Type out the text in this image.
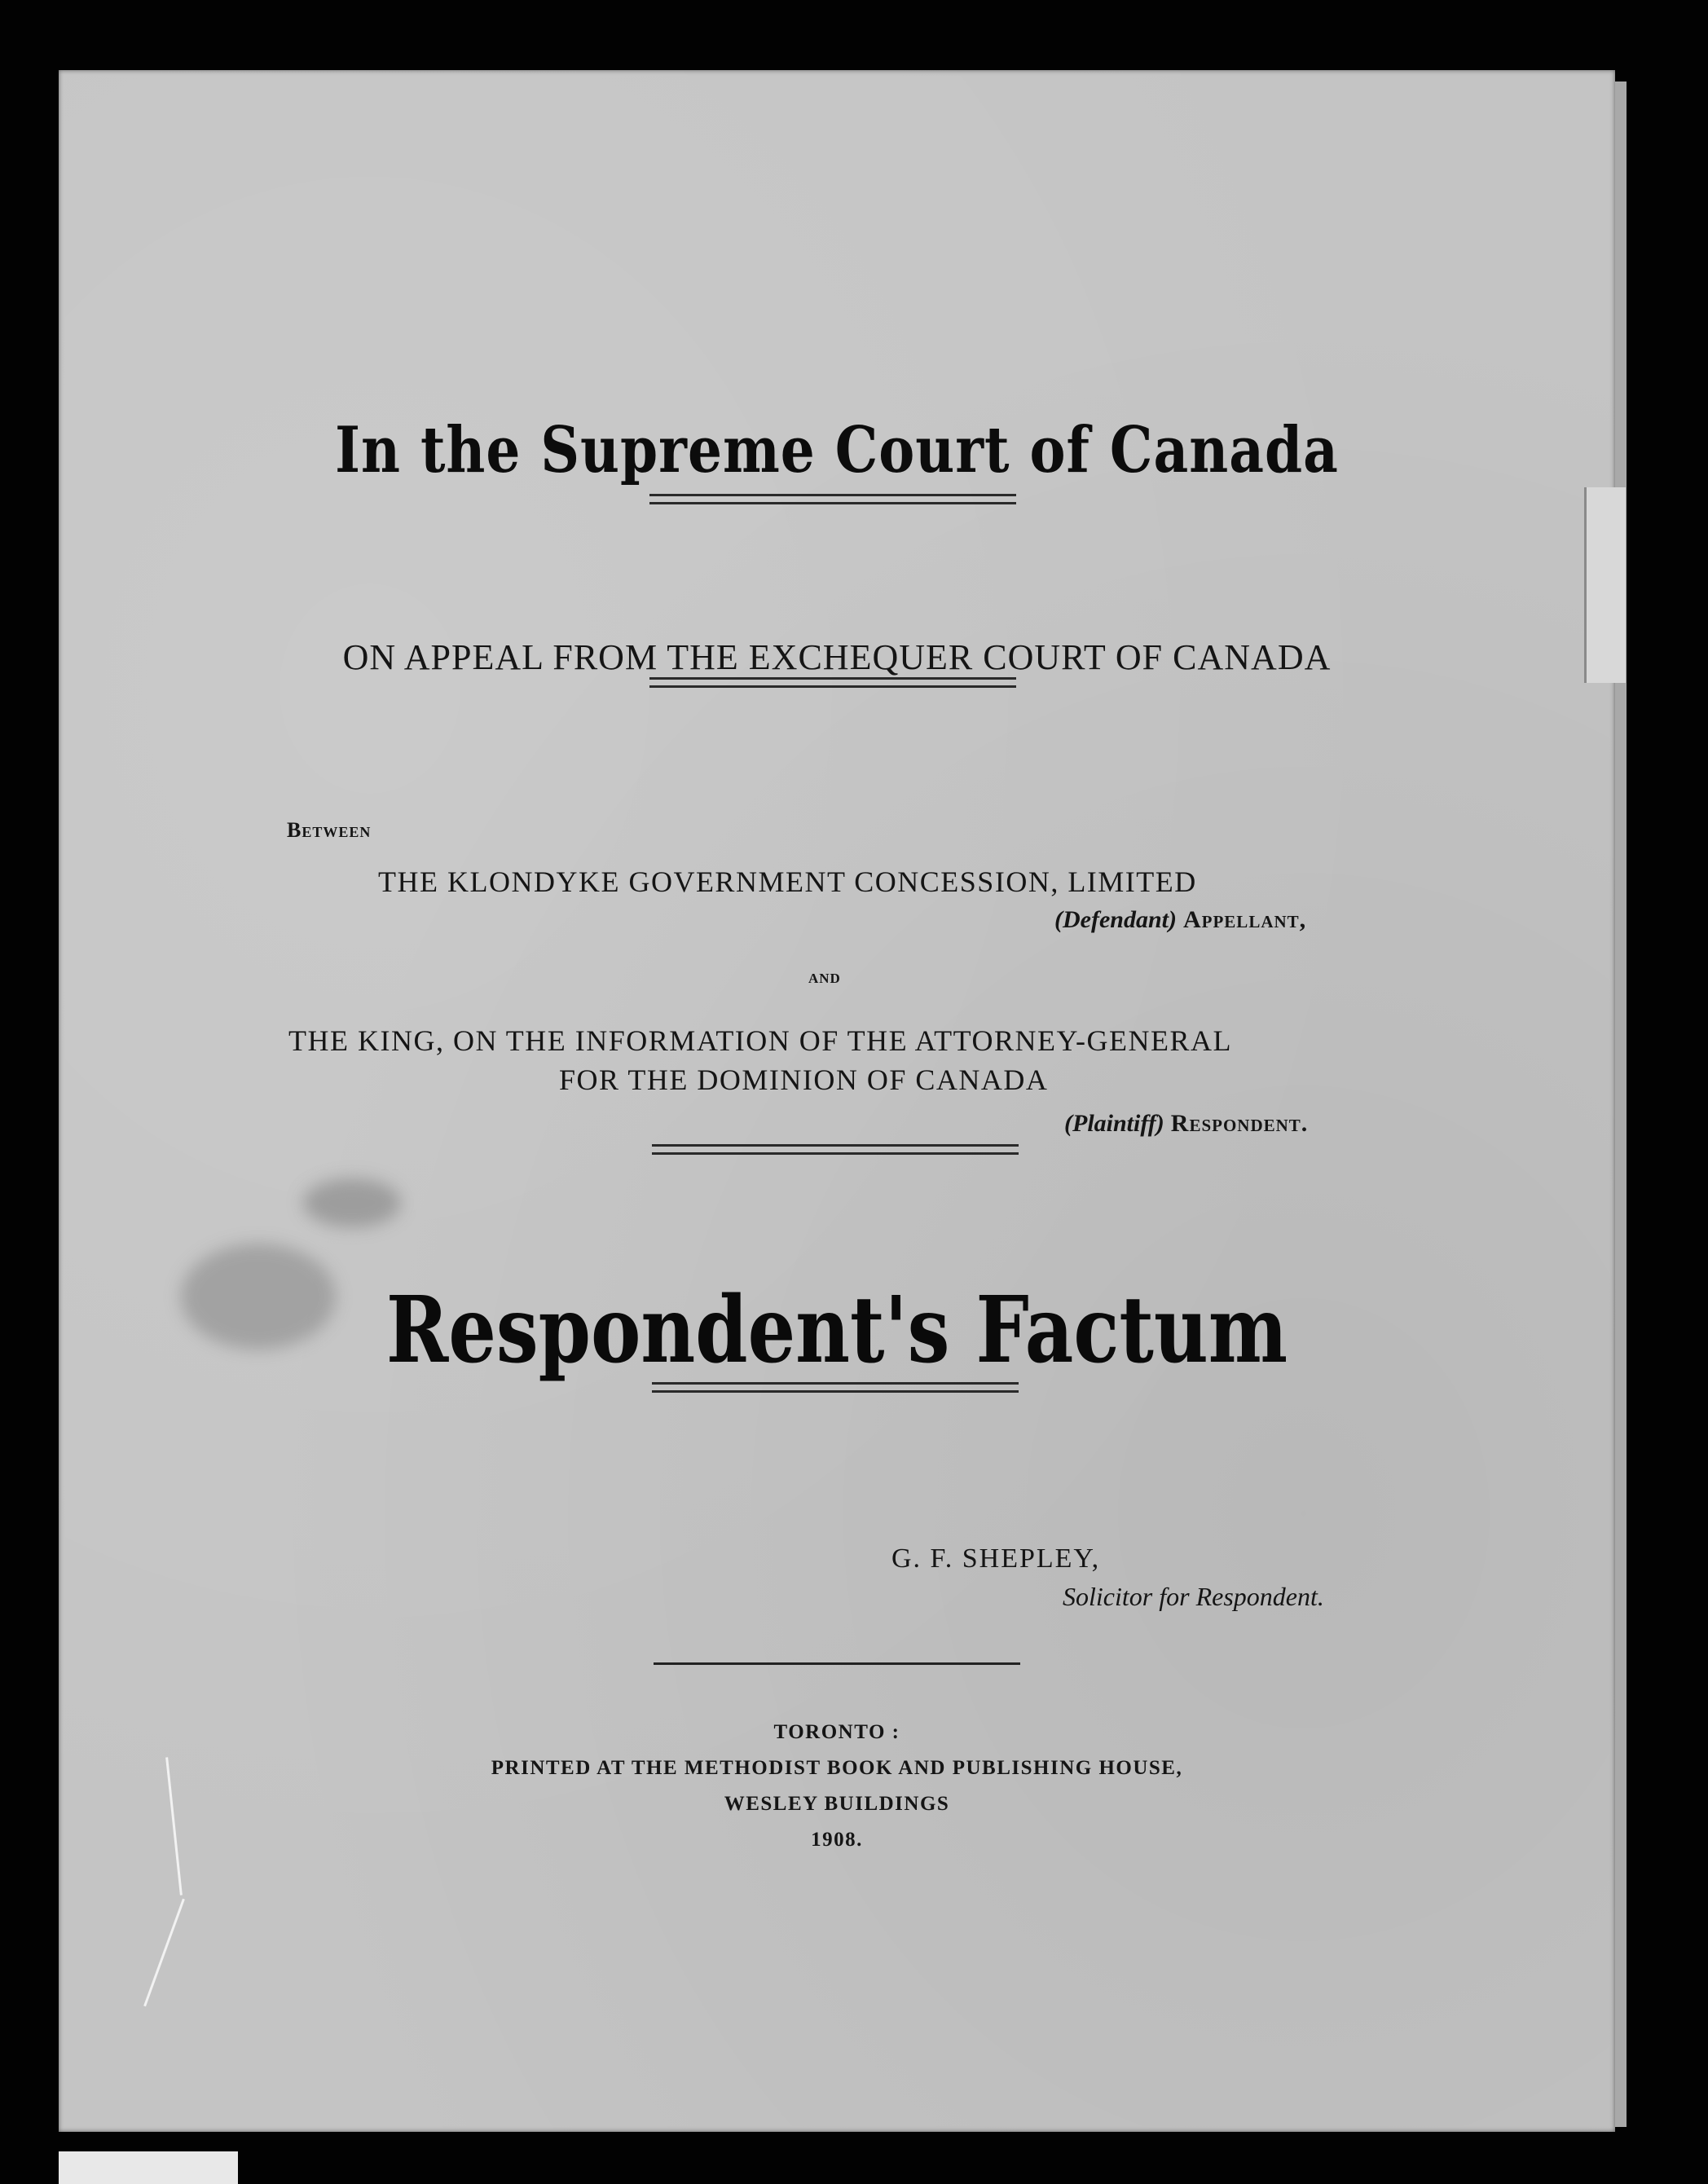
In the Supreme Court of Canada
ON APPEAL FROM THE EXCHEQUER COURT OF CANADA
Between
THE KLONDYKE GOVERNMENT CONCESSION, LIMITED
(Defendant) Appellant,
and
THE KING, ON THE INFORMATION OF THE ATTORNEY-GENERAL
FOR THE DOMINION OF CANADA
(Plaintiff) Respondent.
Respondent's Factum
G. F. SHEPLEY,
Solicitor for Respondent.
TORONTO :
PRINTED AT THE METHODIST BOOK AND PUBLISHING HOUSE,
WESLEY BUILDINGS
1908.
